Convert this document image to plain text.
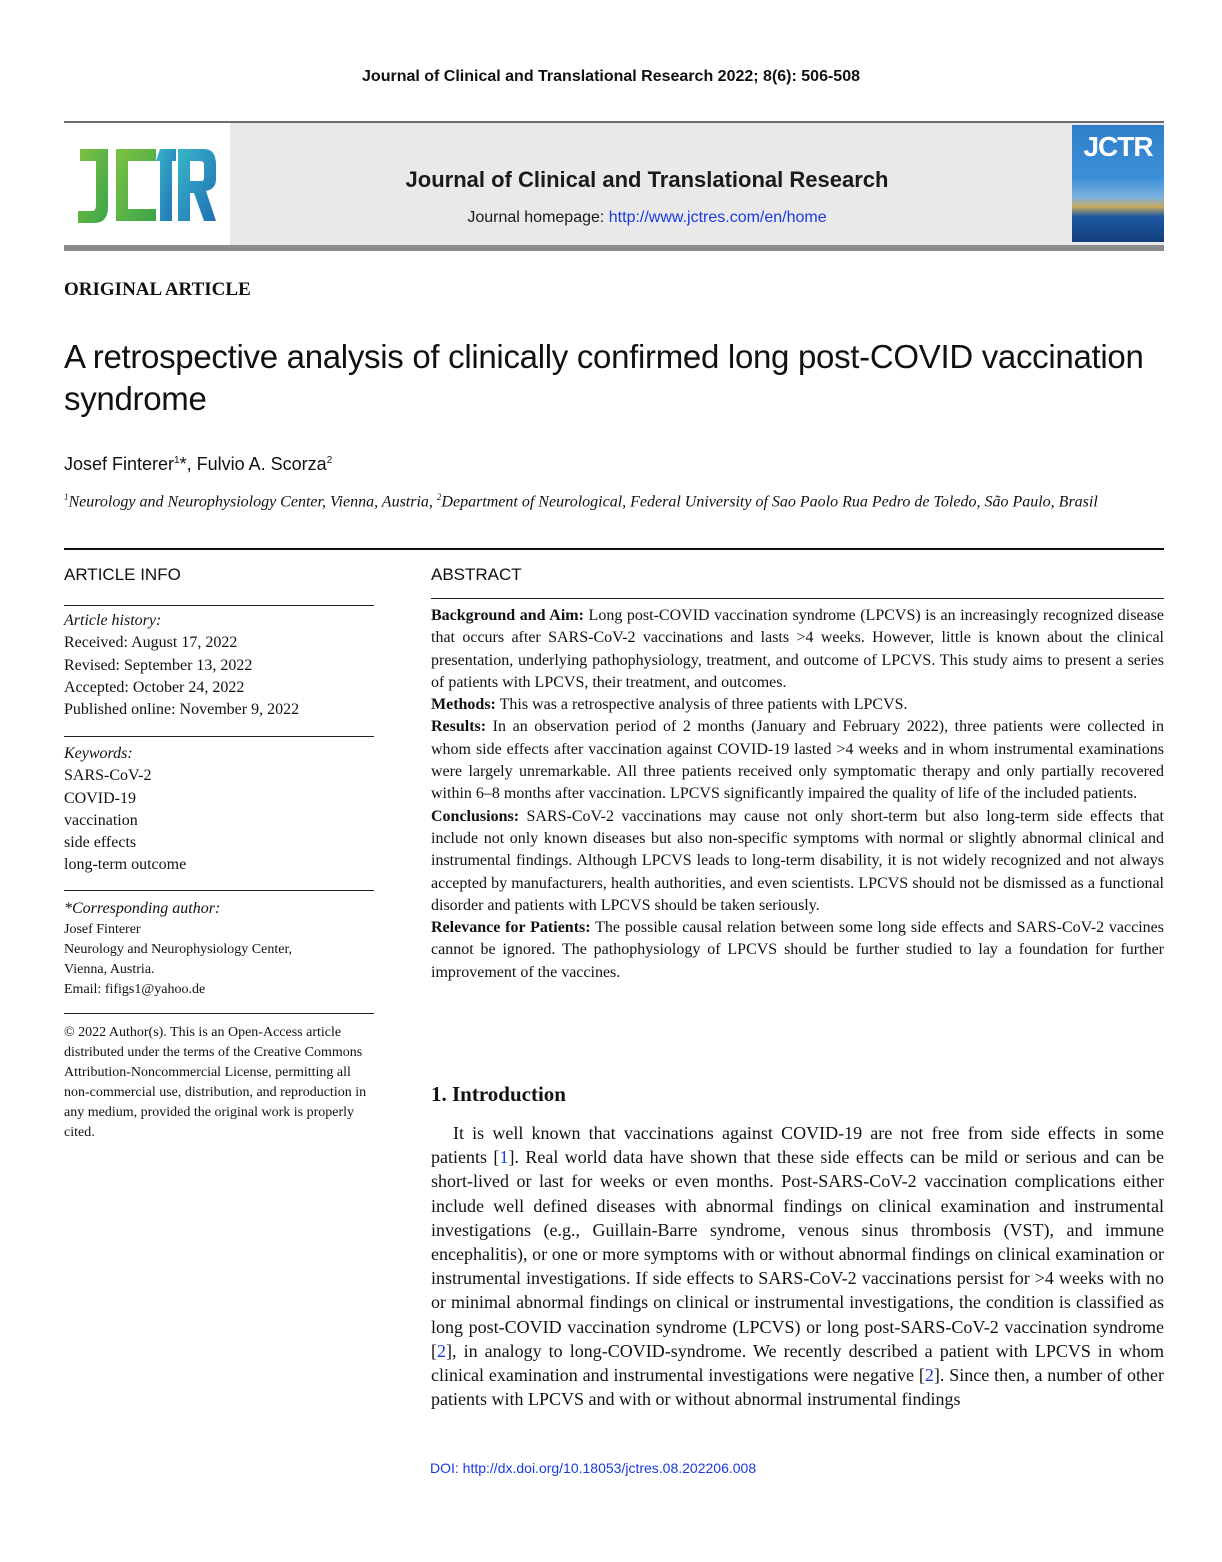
Journal of Clinical and Translational Research 2022; 8(6): 506-508
Journal of Clinical and Translational Research
Journal homepage: http://www.jctres.com/en/home
JCTR
ORIGINAL ARTICLE
A retrospective analysis of clinically confirmed long post-COVID vaccination syndrome
Josef Finterer$^1$*, Fulvio A. Scorza$^2$
$^1$Neurology and Neurophysiology Center, Vienna, Austria, $^2$Department of Neurological, Federal University of Sao Paolo Rua Pedro de Toledo, São Paulo, Brasil
ARTICLE INFO
Article history:
Received: August 17, 2022
Revised: September 13, 2022
Accepted: October 24, 2022
Published online: November 9, 2022
Keywords:
SARS-CoV-2
COVID-19
vaccination
side effects
long-term outcome
*Corresponding author:
Josef Finterer
Neurology and Neurophysiology Center,
Vienna, Austria.
Email: fifigs1@yahoo.de
© 2022 Author(s). This is an Open-Access article distributed under the terms of the Creative Commons Attribution-Noncommercial License, permitting all non-commercial use, distribution, and reproduction in any medium, provided the original work is properly cited.
ABSTRACT

Background and Aim: Long post-COVID vaccination syndrome (LPCVS) is an increasingly recognized disease that occurs after SARS-CoV-2 vaccinations and lasts >4 weeks. However, little is known about the clinical presentation, underlying pathophysiology, treatment, and outcome of LPCVS. This study aims to present a series of patients with LPCVS, their treatment, and outcomes.

Methods: This was a retrospective analysis of three patients with LPCVS.

Results: In an observation period of 2 months (January and February 2022), three patients were collected in whom side effects after vaccination against COVID-19 lasted >4 weeks and in whom instrumental examinations were largely unremarkable. All three patients received only symptomatic therapy and only partially recovered within 6–8 months after vaccination. LPCVS significantly impaired the quality of life of the included patients.

Conclusions: SARS-CoV-2 vaccinations may cause not only short-term but also long-term side effects that include not only known diseases but also non-specific symptoms with normal or slightly abnormal clinical and instrumental findings. Although LPCVS leads to long-term disability, it is not widely recognized and not always accepted by manufacturers, health authorities, and even scientists. LPCVS should not be dismissed as a functional disorder and patients with LPCVS should be taken seriously.

Relevance for Patients: The possible causal relation between some long side effects and SARS-CoV-2 vaccines cannot be ignored. The pathophysiology of LPCVS should be further studied to lay a foundation for further improvement of the vaccines.

1. Introduction
It is well known that vaccinations against COVID-19 are not free from side effects in some patients [1]. Real world data have shown that these side effects can be mild or serious and can be short-lived or last for weeks or even months. Post-SARS-CoV-2 vaccination complications either include well defined diseases with abnormal findings on clinical examination and instrumental investigations (e.g., Guillain-Barre syndrome, venous sinus thrombosis (VST), and immune encephalitis), or one or more symptoms with or without abnormal findings on clinical examination or instrumental investigations. If side effects to SARS-CoV-2 vaccinations persist for >4 weeks with no or minimal abnormal findings on clinical or instrumental investigations, the condition is classified as long post-COVID vaccination syndrome (LPCVS) or long post-SARS-CoV-2 vaccination syndrome [2], in analogy to long-COVID-syndrome. We recently described a patient with LPCVS in whom clinical examination and instrumental investigations were negative [2]. Since then, a number of other patients with LPCVS and with or without abnormal instrumental findings
DOI: http://dx.doi.org/10.18053/jctres.08.202206.008
